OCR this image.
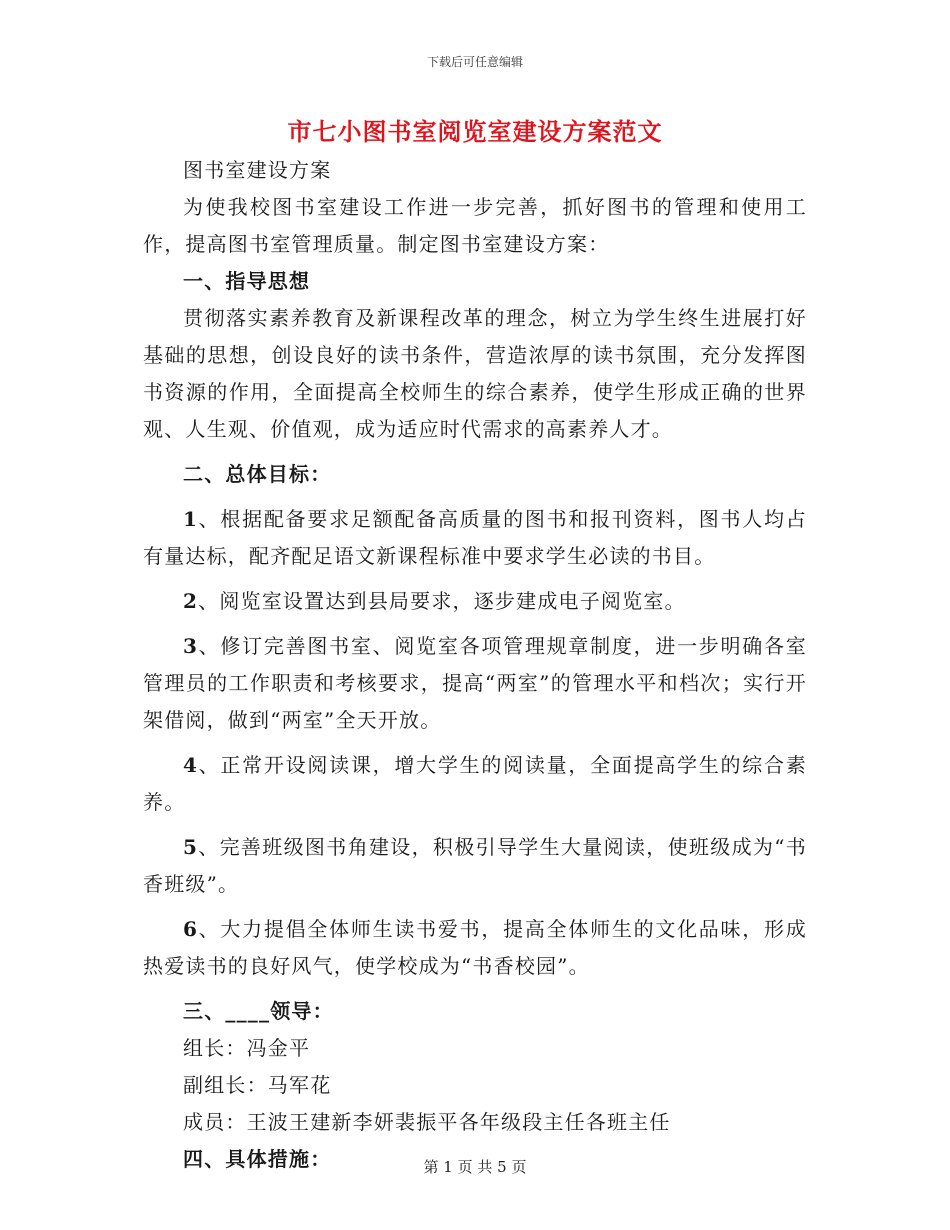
下载后可任意编辑
市七小图书室阅览室建设方案范文

图书室建设方案

为使我校图书室建设工作进一步完善，抓好图书的管理和使用工作，提高图书室管理质量。制定图书室建设方案：

一、指导思想

贯彻落实素养教育及新课程改革的理念，树立为学生终生进展打好基础的思想，创设良好的读书条件，营造浓厚的读书氛围，充分发挥图书资源的作用，全面提高全校师生的综合素养，使学生形成正确的世界观、人生观、价值观，成为适应时代需求的高素养人才。

二、总体目标：

1、根据配备要求足额配备高质量的图书和报刊资料，图书人均占有量达标，配齐配足语文新课程标准中要求学生必读的书目。

2、阅览室设置达到县局要求，逐步建成电子阅览室。

3、修订完善图书室、阅览室各项管理规章制度，进一步明确各室管理员的工作职责和考核要求，提高“两室”的管理水平和档次；实行开架借阅，做到“两室”全天开放。

4、正常开设阅读课，增大学生的阅读量，全面提高学生的综合素养。

5、完善班级图书角建设，积极引导学生大量阅读，使班级成为“书香班级”。

6、大力提倡全体师生读书爱书，提高全体师生的文化品味，形成热爱读书的良好风气，使学校成为“书香校园”。

三、____领导：

组长：冯金平

副组长：马军花

成员：王波王建新李妍裴振平各年级段主任各班主任

四、具体措施：	第 1 页 共 5 页
